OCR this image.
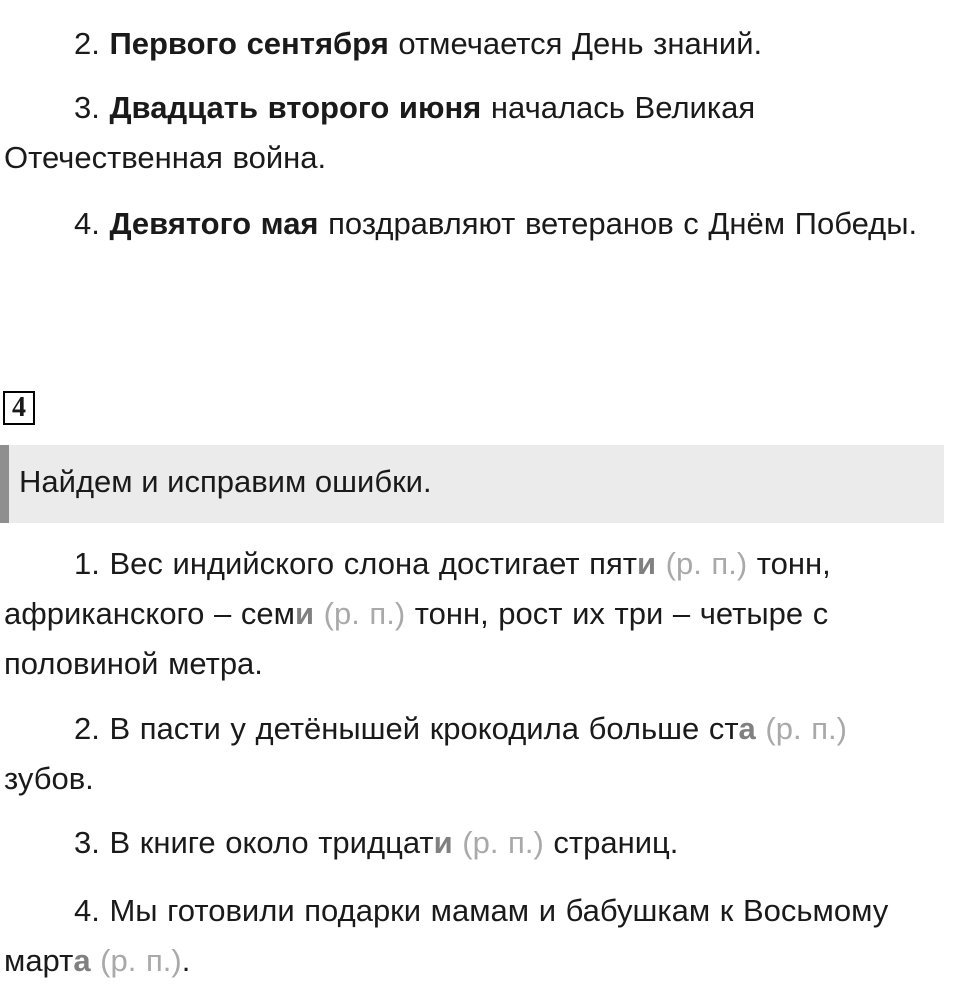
2. Первого сентября отмечается День знаний.

3. Двадцать второго июня началась Великая Отечественная война.

4. Девятого мая поздравляют ветеранов с Днём Победы.

4
Найдем и исправим ошибки.

1. Вес индийского слона достигает пяти (р. п.) тонн, африканского – семи (р. п.) тонн, рост их три – четыре с половиной метра.

2. В пасти у детёнышей крокодила больше ста (р. п.) зубов.

3. В книге около тридцати (р. п.) страниц.

4. Мы готовили подарки мамам и бабушкам к Восьмому марта (р. п.).
